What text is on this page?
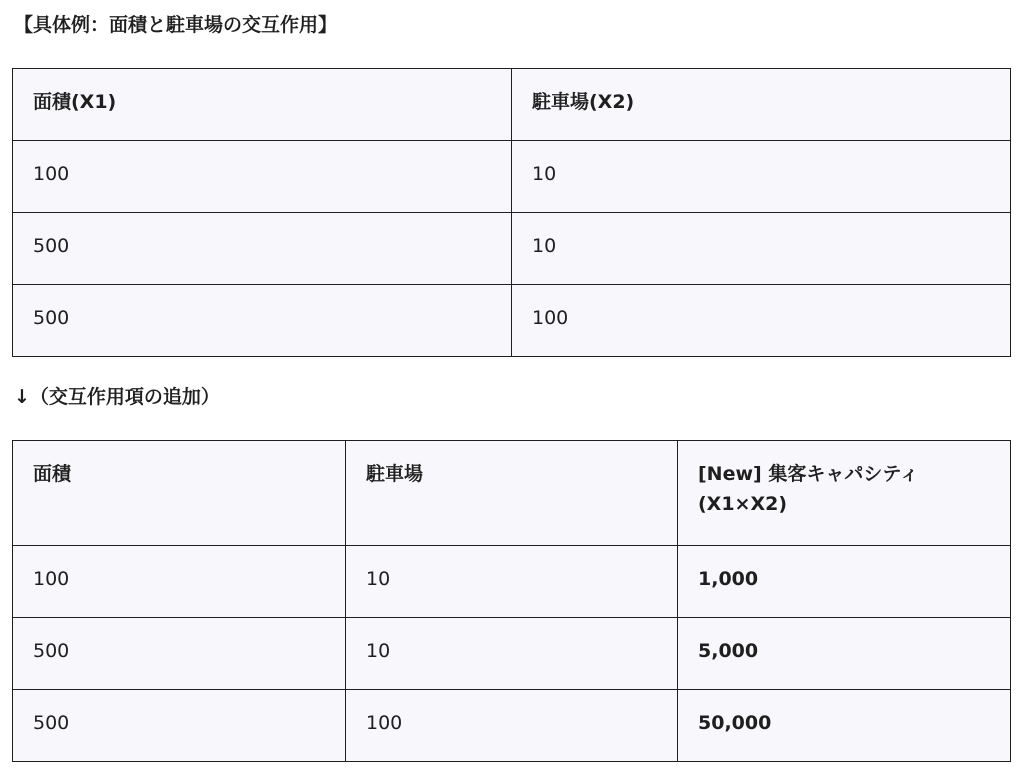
【具体例：面積と駐車場の交互作用】
面積(X1)	駐車場(X2)
100	10
500	10
500	100
↓（交互作用項の追加）
面積	駐車場	[New] 集客キャパシティ
(X1×X2)

100	10	1,000
500	10	5,000
500	100	50,000
